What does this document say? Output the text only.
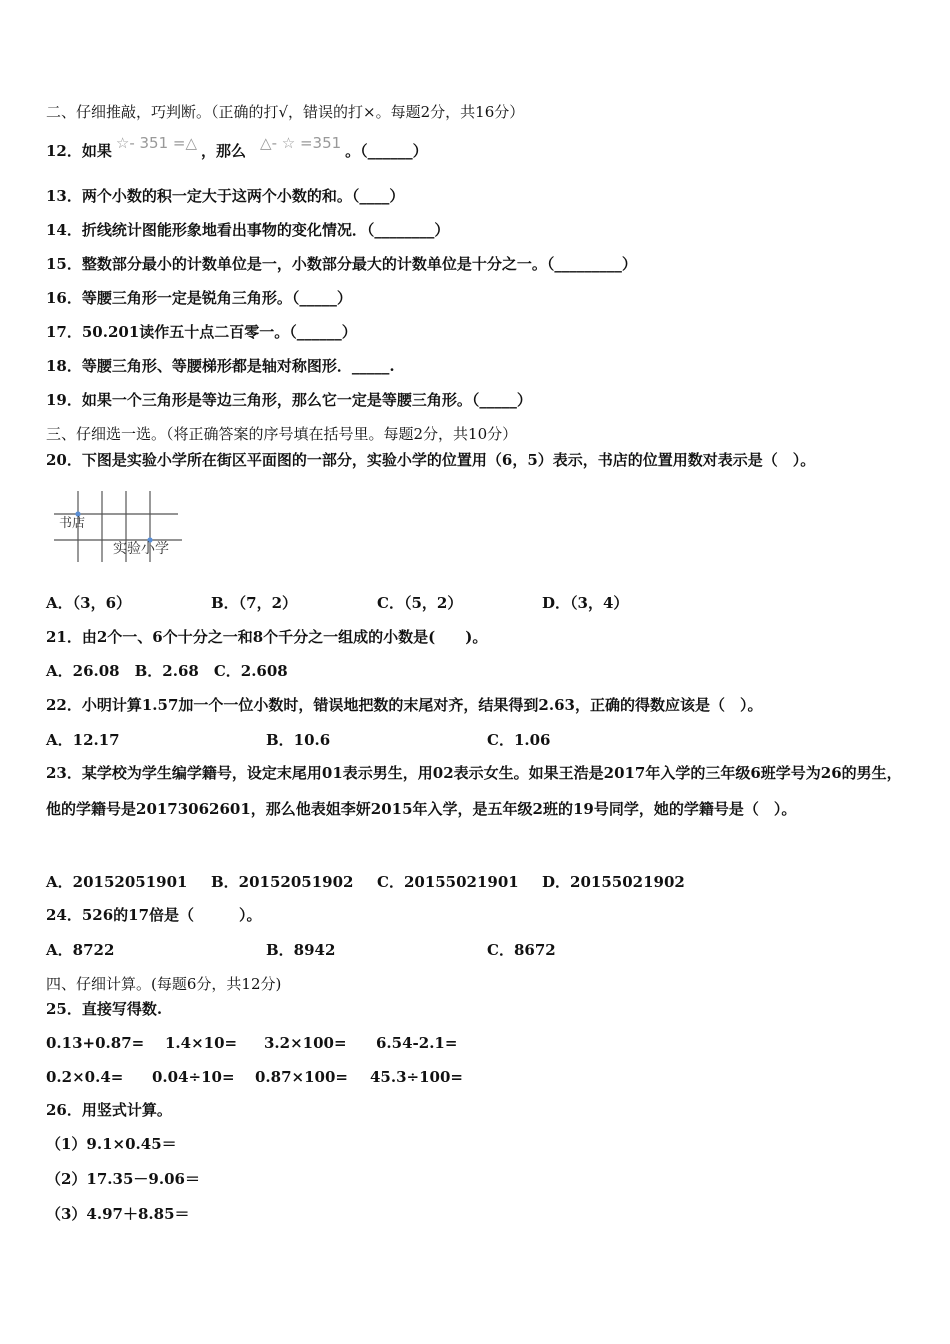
二、仔细推敲，巧判断。（正确的打√，错误的打×。每题2分，共16分）
12．如果 ☆- 351 =△ ，那么 △- ☆ =351 。（______）
13．两个小数的积一定大于这两个小数的和。（____）
14．折线统计图能形象地看出事物的变化情况．（________）
15．整数部分最小的计数单位是一，小数部分最大的计数单位是十分之一。（_________）
16．等腰三角形一定是锐角三角形。（_____）
17．50.201读作五十点二百零一。（______）
18．等腰三角形、等腰梯形都是轴对称图形．_____.
19．如果一个三角形是等边三角形，那么它一定是等腰三角形。（_____）
三、仔细选一选。（将正确答案的序号填在括号里。每题2分，共10分）
20．下图是实验小学所在街区平面图的一部分，实验小学的位置用（6，5）表示，书店的位置用数对表示是（　）。
书店
实验小学
A．（3，6）	B．（7，2）	C．（5，2）	D．（3，4）
21．由2个一、6个十分之一和8个千分之一组成的小数是(　　)。
A．26.08　B．2.68　C．2.608
22．小明计算1.57加一个一位小数时，错误地把数的末尾对齐，结果得到2.63，正确的得数应该是（　）。
A．12.17	B．10.6	C．1.06
23．某学校为学生编学籍号，设定末尾用01表示男生，用02表示女生。如果王浩是2017年入学的三年级6班学号为26的男生，他的学籍号是20173062601，那么他表姐李妍2015年入学，是五年级2班的19号同学，她的学籍号是（　）。
A．20152051901 B．20152051902 C．20155021901 D．20155021902
24．526的17倍是（　　　）。
A．8722	B．8942	C．8672
四、仔细计算。(每题6分，共12分)
25．直接写得数.
0.13+0.87= 1.4×10= 3.2×100= 6.54-2.1=
0.2×0.4= 0.04÷10= 0.87×100= 45.3÷100=
26．用竖式计算。
（1）9.1×0.45＝
（2）17.35－9.06＝
（3）4.97＋8.85＝
